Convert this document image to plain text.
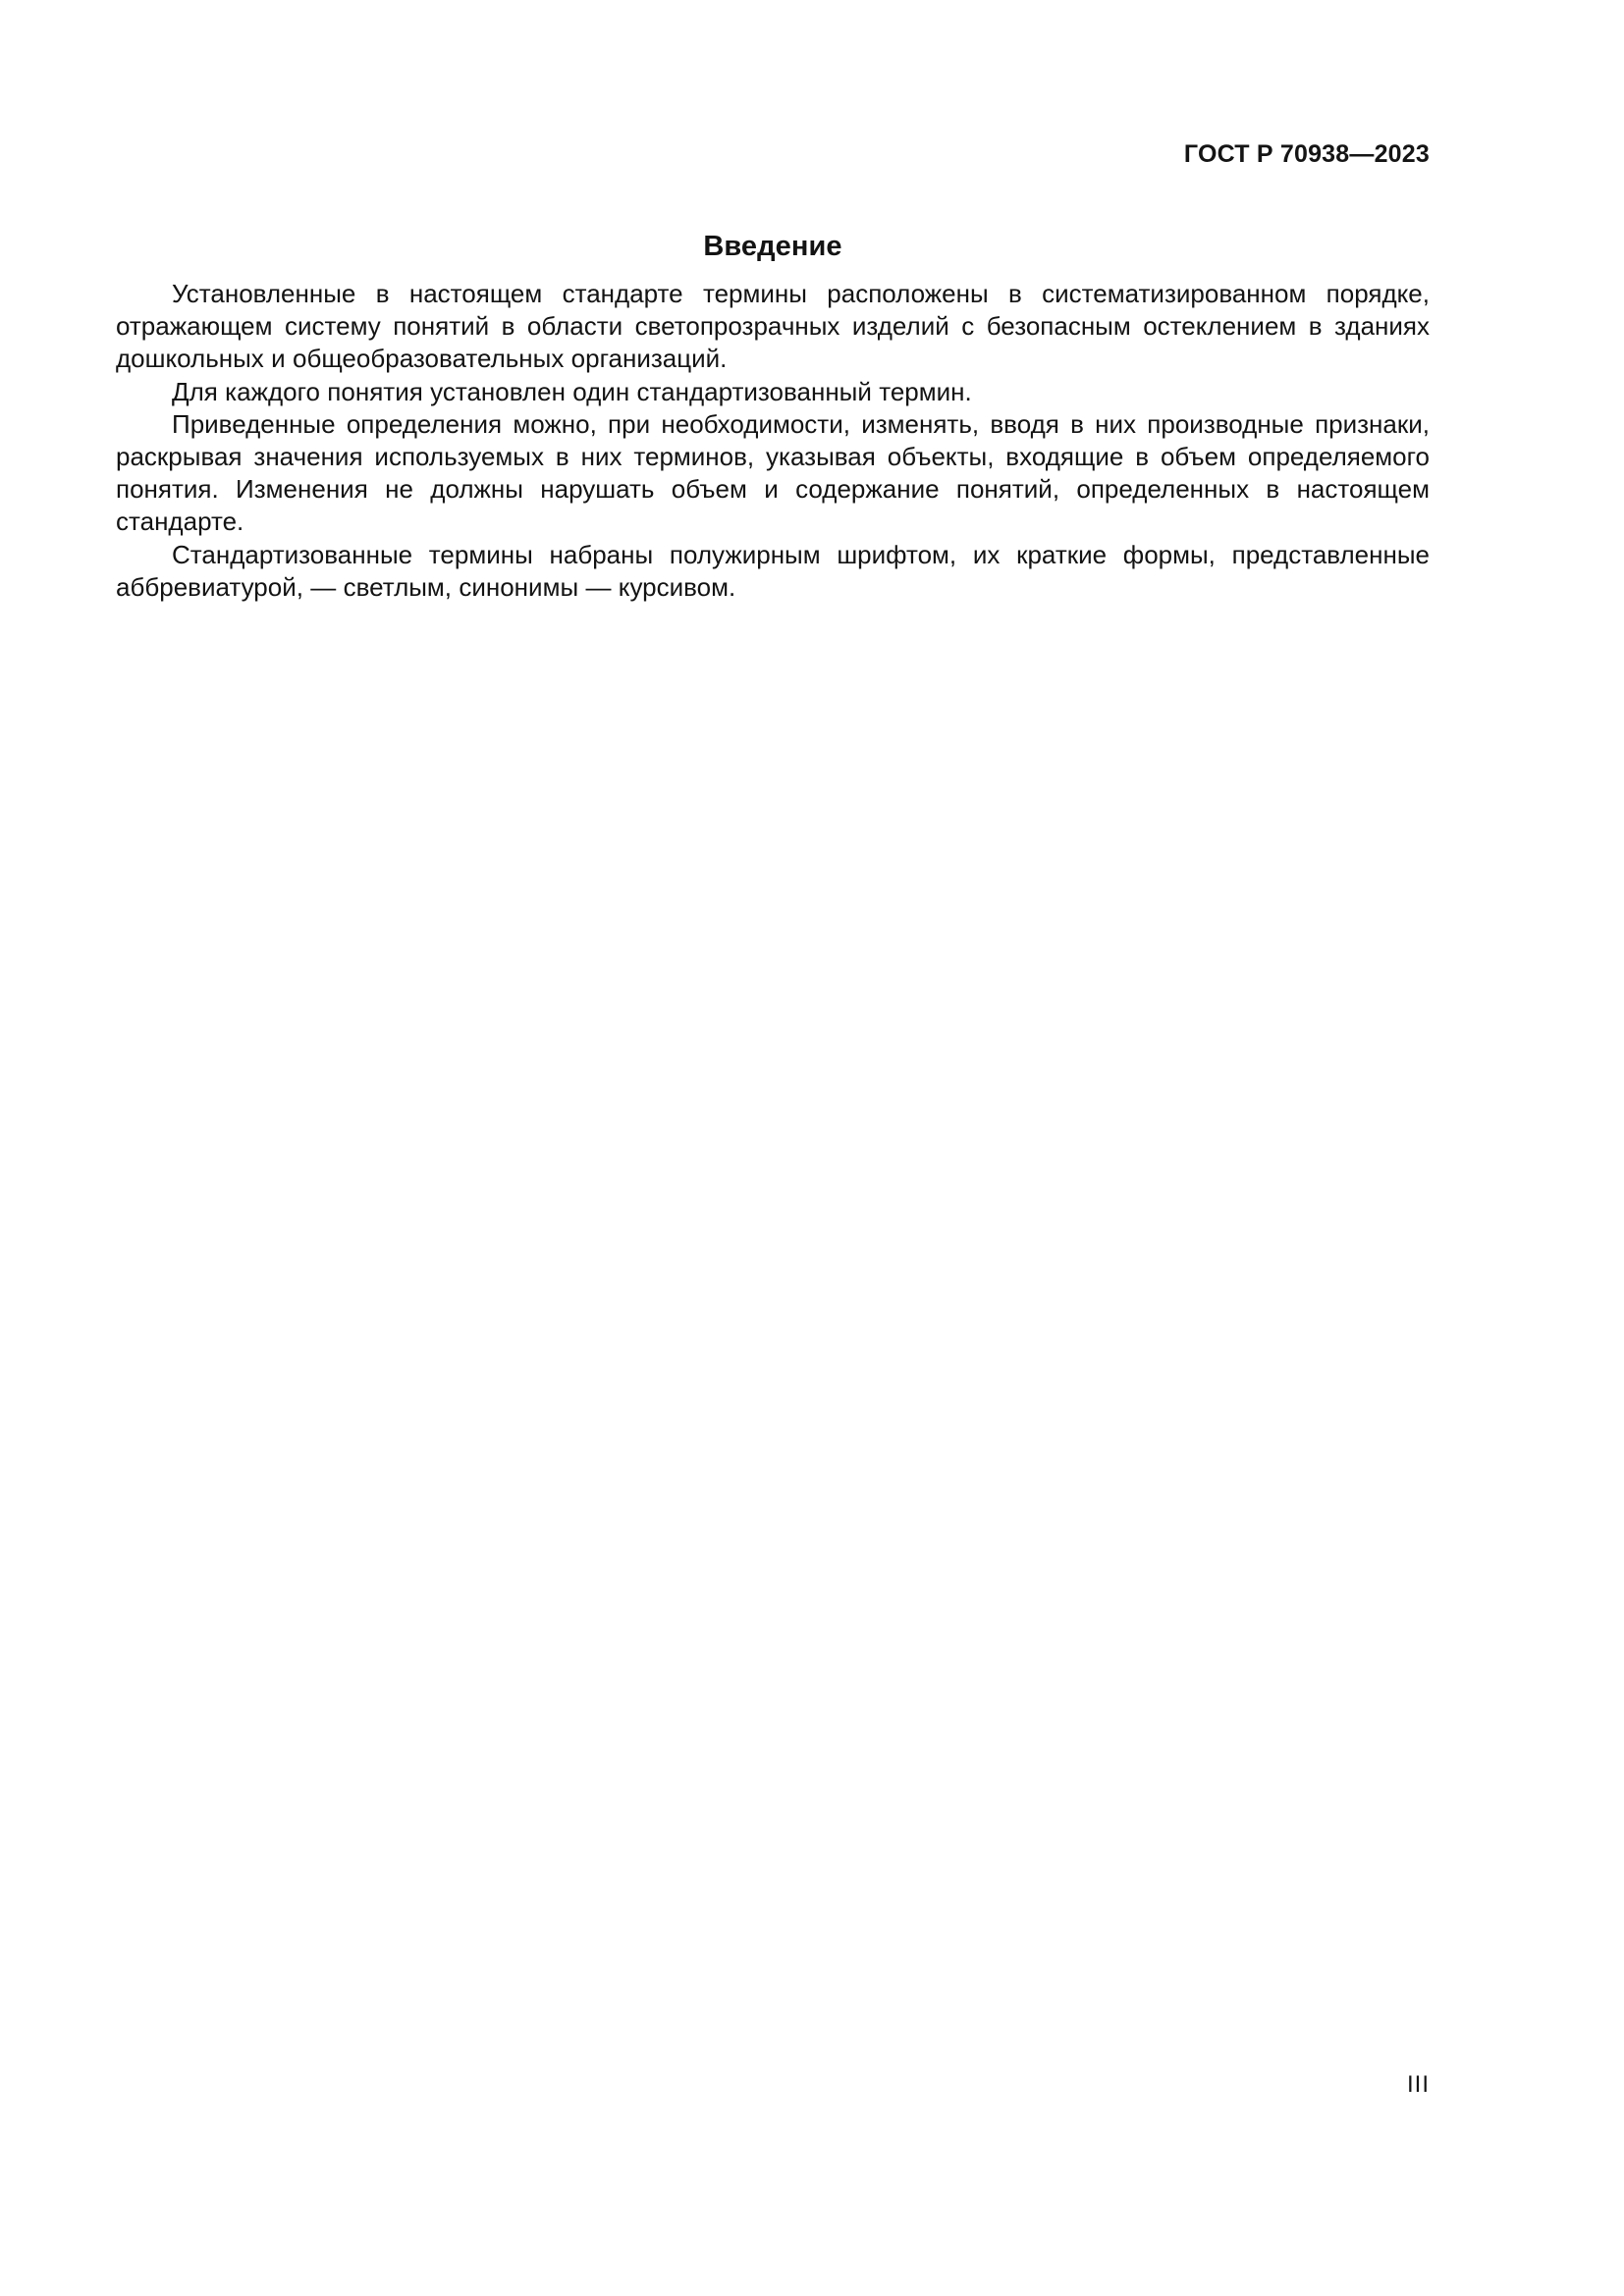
ГОСТ Р 70938—2023
Введение

Установленные в настоящем стандарте термины расположены в систематизированном порядке, отражающем систему понятий в области светопрозрачных изделий с безопасным остеклением в зданиях дошкольных и общеобразовательных организаций.

Для каждого понятия установлен один стандартизованный термин.

Приведенные определения можно, при необходимости, изменять, вводя в них производные признаки, раскрывая значения используемых в них терминов, указывая объекты, входящие в объем определяемого понятия. Изменения не должны нарушать объем и содержание понятий, определенных в настоящем стандарте.

Стандартизованные термины набраны полужирным шрифтом, их краткие формы, представленные аббревиатурой, — светлым, синонимы — курсивом.

III
